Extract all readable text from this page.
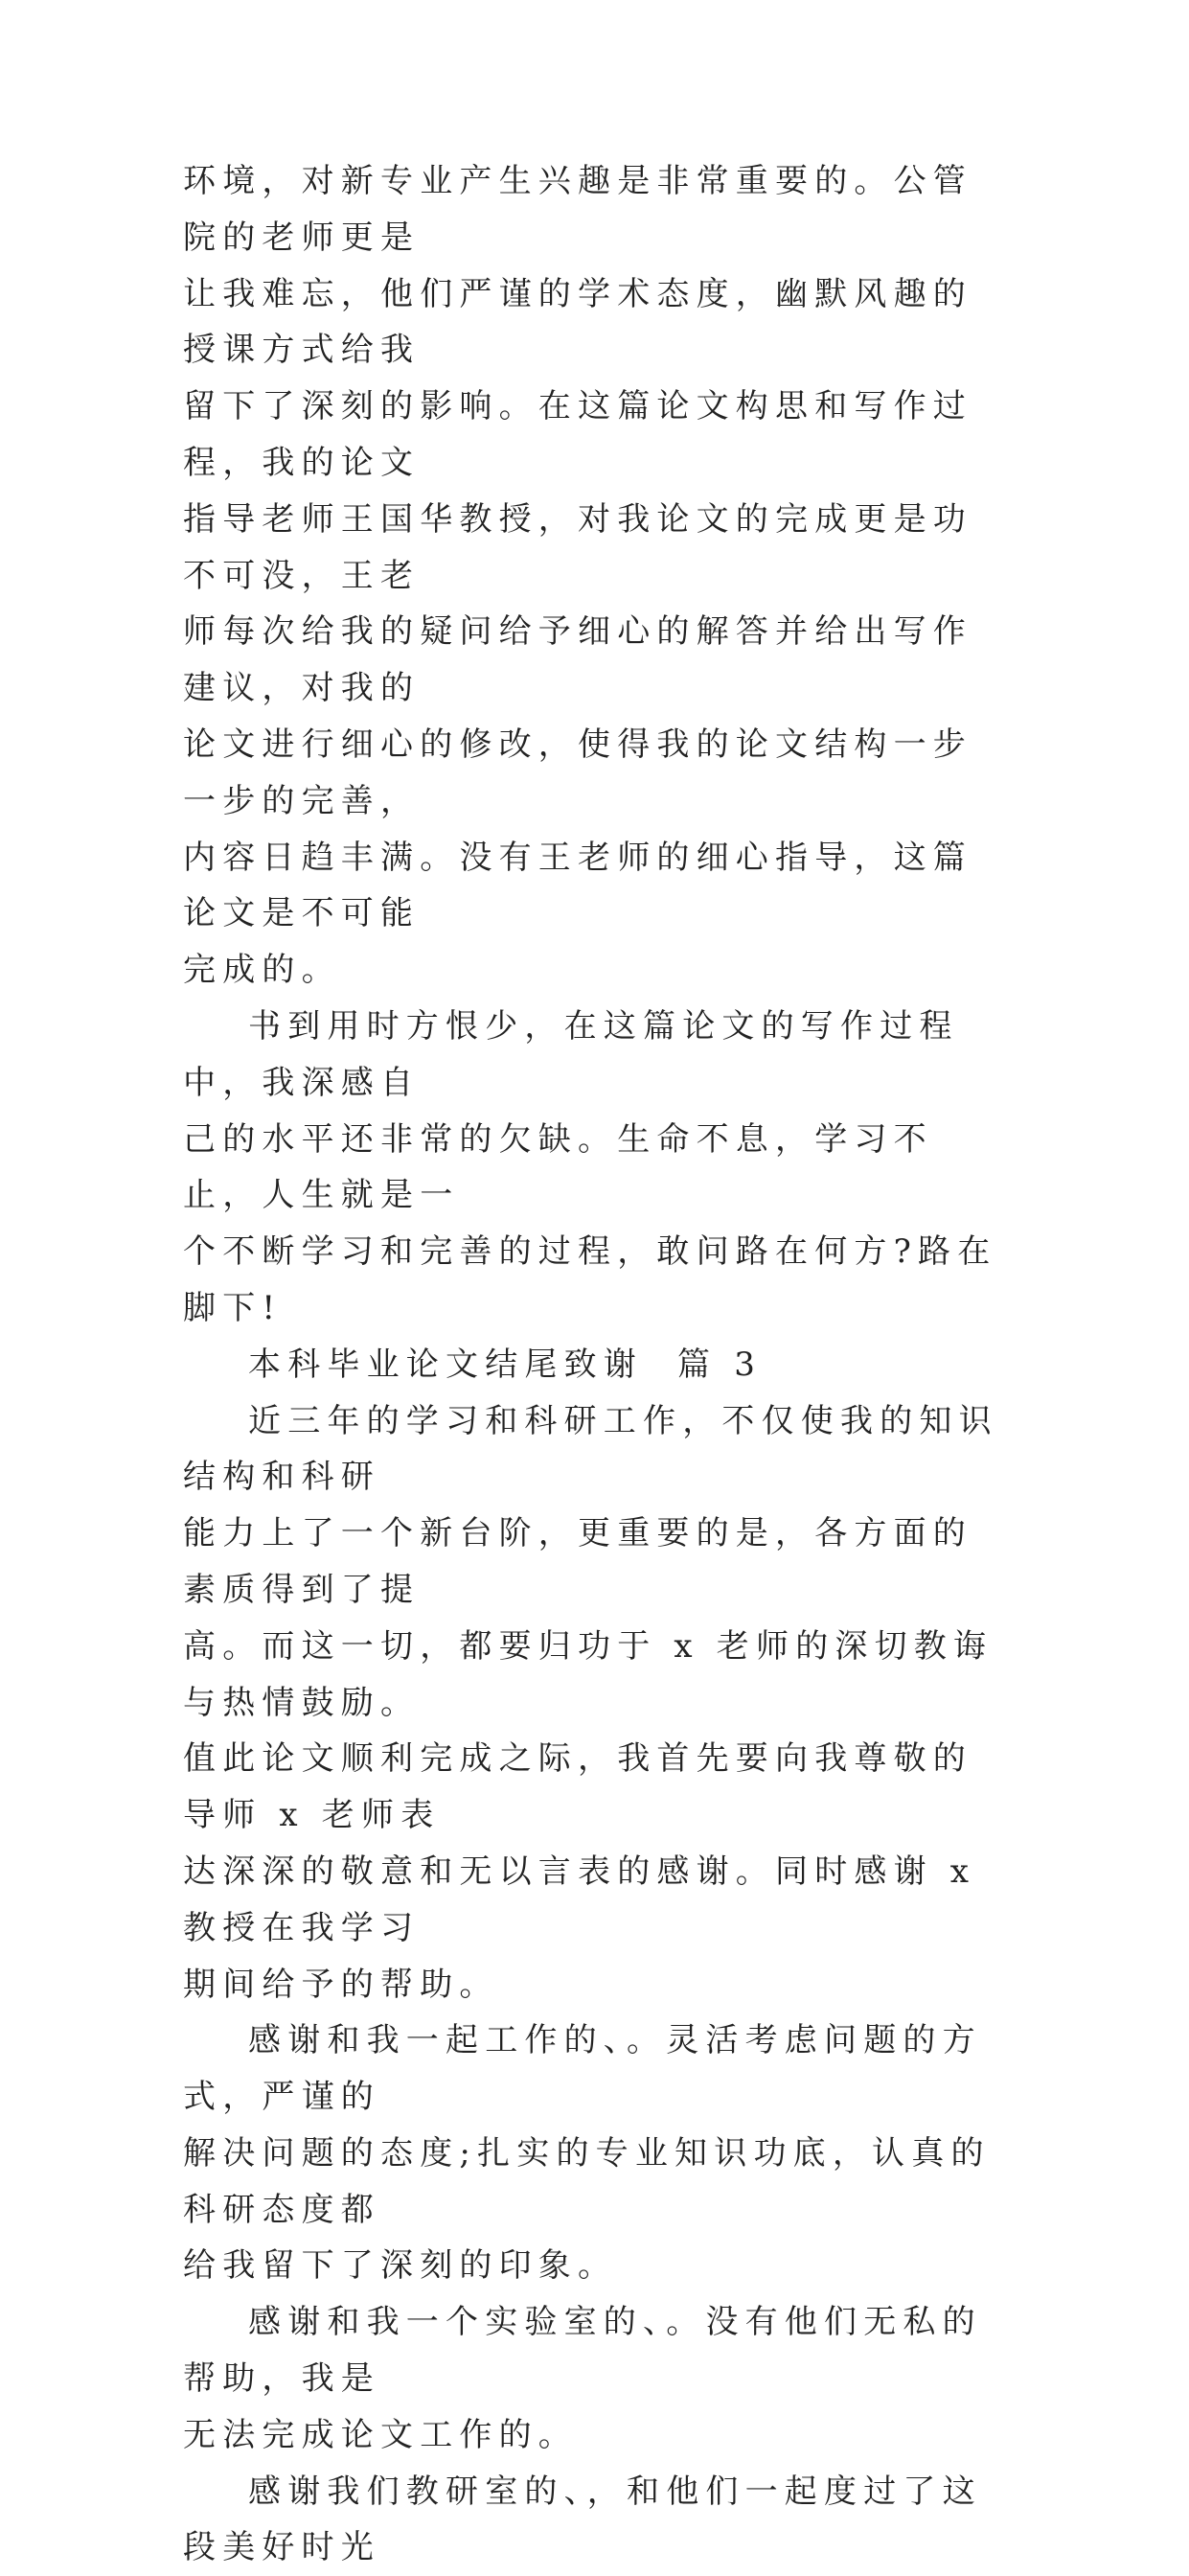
环境，对新专业产生兴趣是非常重要的。公管院的老师更是
让我难忘，他们严谨的学术态度，幽默风趣的授课方式给我
留下了深刻的影响。在这篇论文构思和写作过程，我的论文
指导老师王国华教授，对我论文的完成更是功不可没，王老
师每次给我的疑问给予细心的解答并给出写作建议，对我的
论文进行细心的修改，使得我的论文结构一步一步的完善，
内容日趋丰满。没有王老师的细心指导，这篇论文是不可能
完成的。

书到用时方恨少，在这篇论文的写作过程中，我深感自
己的水平还非常的欠缺。生命不息，学习不止，人生就是一
个不断学习和完善的过程，敢问路在何方?路在脚下!

本科毕业论文结尾致谢  篇 3

近三年的学习和科研工作，不仅使我的知识结构和科研
能力上了一个新台阶，更重要的是，各方面的素质得到了提
高。而这一切，都要归功于 x 老师的深切教诲与热情鼓励。
值此论文顺利完成之际，我首先要向我尊敬的导师 x 老师表
达深深的敬意和无以言表的感谢。同时感谢 x 教授在我学习
期间给予的帮助。

感谢和我一起工作的、。灵活考虑问题的方式，严谨的
解决问题的态度;扎实的专业知识功底，认真的科研态度都
给我留下了深刻的印象。

感谢和我一个实验室的、。没有他们无私的帮助，我是
无法完成论文工作的。

感谢我们教研室的、，和他们一起度过了这段美好时光
